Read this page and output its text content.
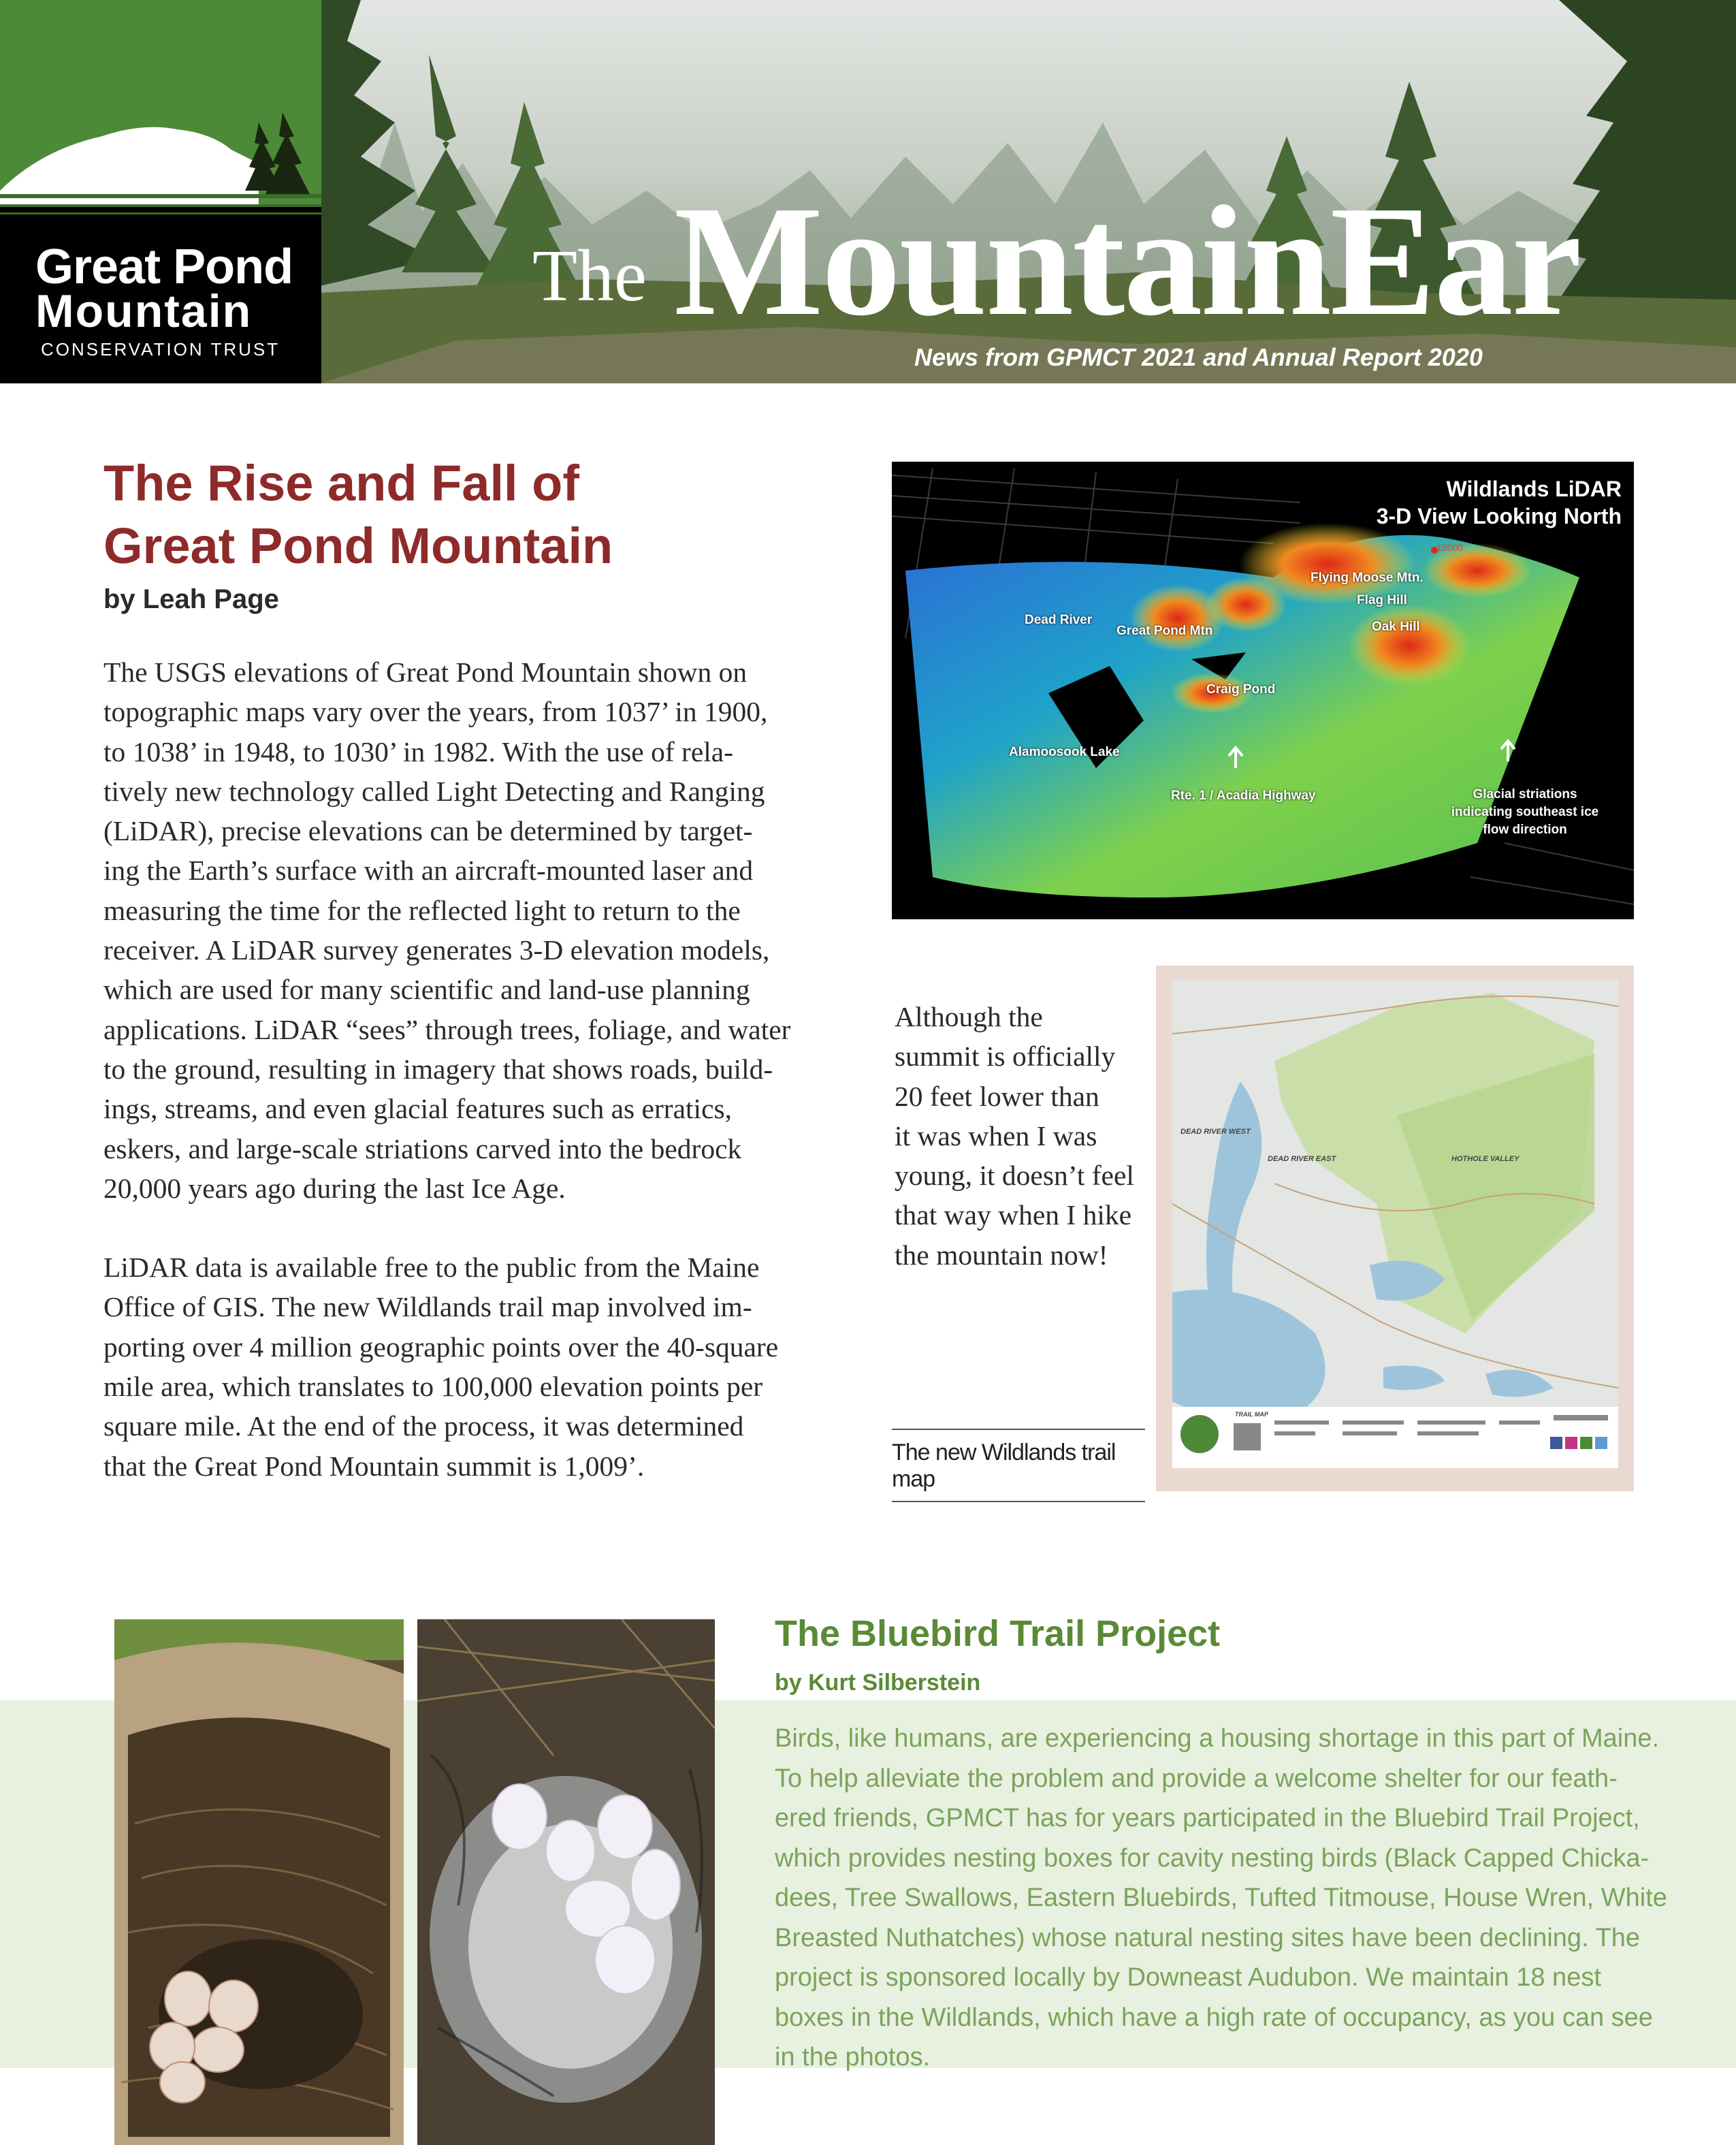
Great Pond
Mountain
CONSERVATION TRUST
The MountainEar
News from GPMCT 2021 and Annual Report 2020
The Rise and Fall of
Great Pond Mountain
by Leah Page
The USGS elevations of Great Pond Mountain shown on
topographic maps vary over the years, from 1037’ in 1900,
to 1038’ in 1948, to 1030’ in 1982. With the use of rela-
tively new technology called Light Detecting and Ranging
(LiDAR), precise elevations can be determined by target-
ing the Earth’s surface with an aircraft-mounted laser and
measuring the time for the reflected light to return to the
receiver. A LiDAR survey generates 3-D elevation models,
which are used for many scientific and land-use planning
applications. LiDAR “sees” through trees, foliage, and water
to the ground, resulting in imagery that shows roads, build-
ings, streams, and even glacial features such as erratics,
eskers, and large-scale striations carved into the bedrock
20,000 years ago during the last Ice Age.
LiDAR data is available free to the public from the Maine
Office of GIS. The new Wildlands trail map involved im-
porting over 4 million geographic points over the 40-square
mile area, which translates to 100,000 elevation points per
square mile. At the end of the process, it was determined
that the Great Pond Mountain summit is 1,009’.
Wildlands LiDAR
3-D View Looking North
15000
Dead River
Great Pond Mtn
Flying Moose Mtn.
Flag Hill
Oak Hill
Craig Pond
Alamoosook Lake
Rte. 1 / Acadia Highway	Glacial striations
indicating southeast ice
flow direction
Although the
summit is officially
20 feet lower than
it was when I was
young, it doesn’t feel
that way when I hike
the mountain now!
DEAD RIVER WEST
DEAD RIVER EAST	HOTHOLE VALLEY
TRAIL MAP
The new Wildlands trail map
The Bluebird Trail Project
by Kurt Silberstein
Birds, like humans, are experiencing a housing shortage in this part of Maine.
To help alleviate the problem and provide a welcome shelter for our feath-
ered friends, GPMCT has for years participated in the Bluebird Trail Project,
which provides nesting boxes for cavity nesting birds (Black Capped Chicka-
dees, Tree Swallows, Eastern Bluebirds, Tufted Titmouse, House Wren, White
Breasted Nuthatches) whose natural nesting sites have been declining. The
project is sponsored locally by Downeast Audubon. We maintain 18 nest
boxes in the Wildlands, which have a high rate of occupancy, as you can see
in the photos.
